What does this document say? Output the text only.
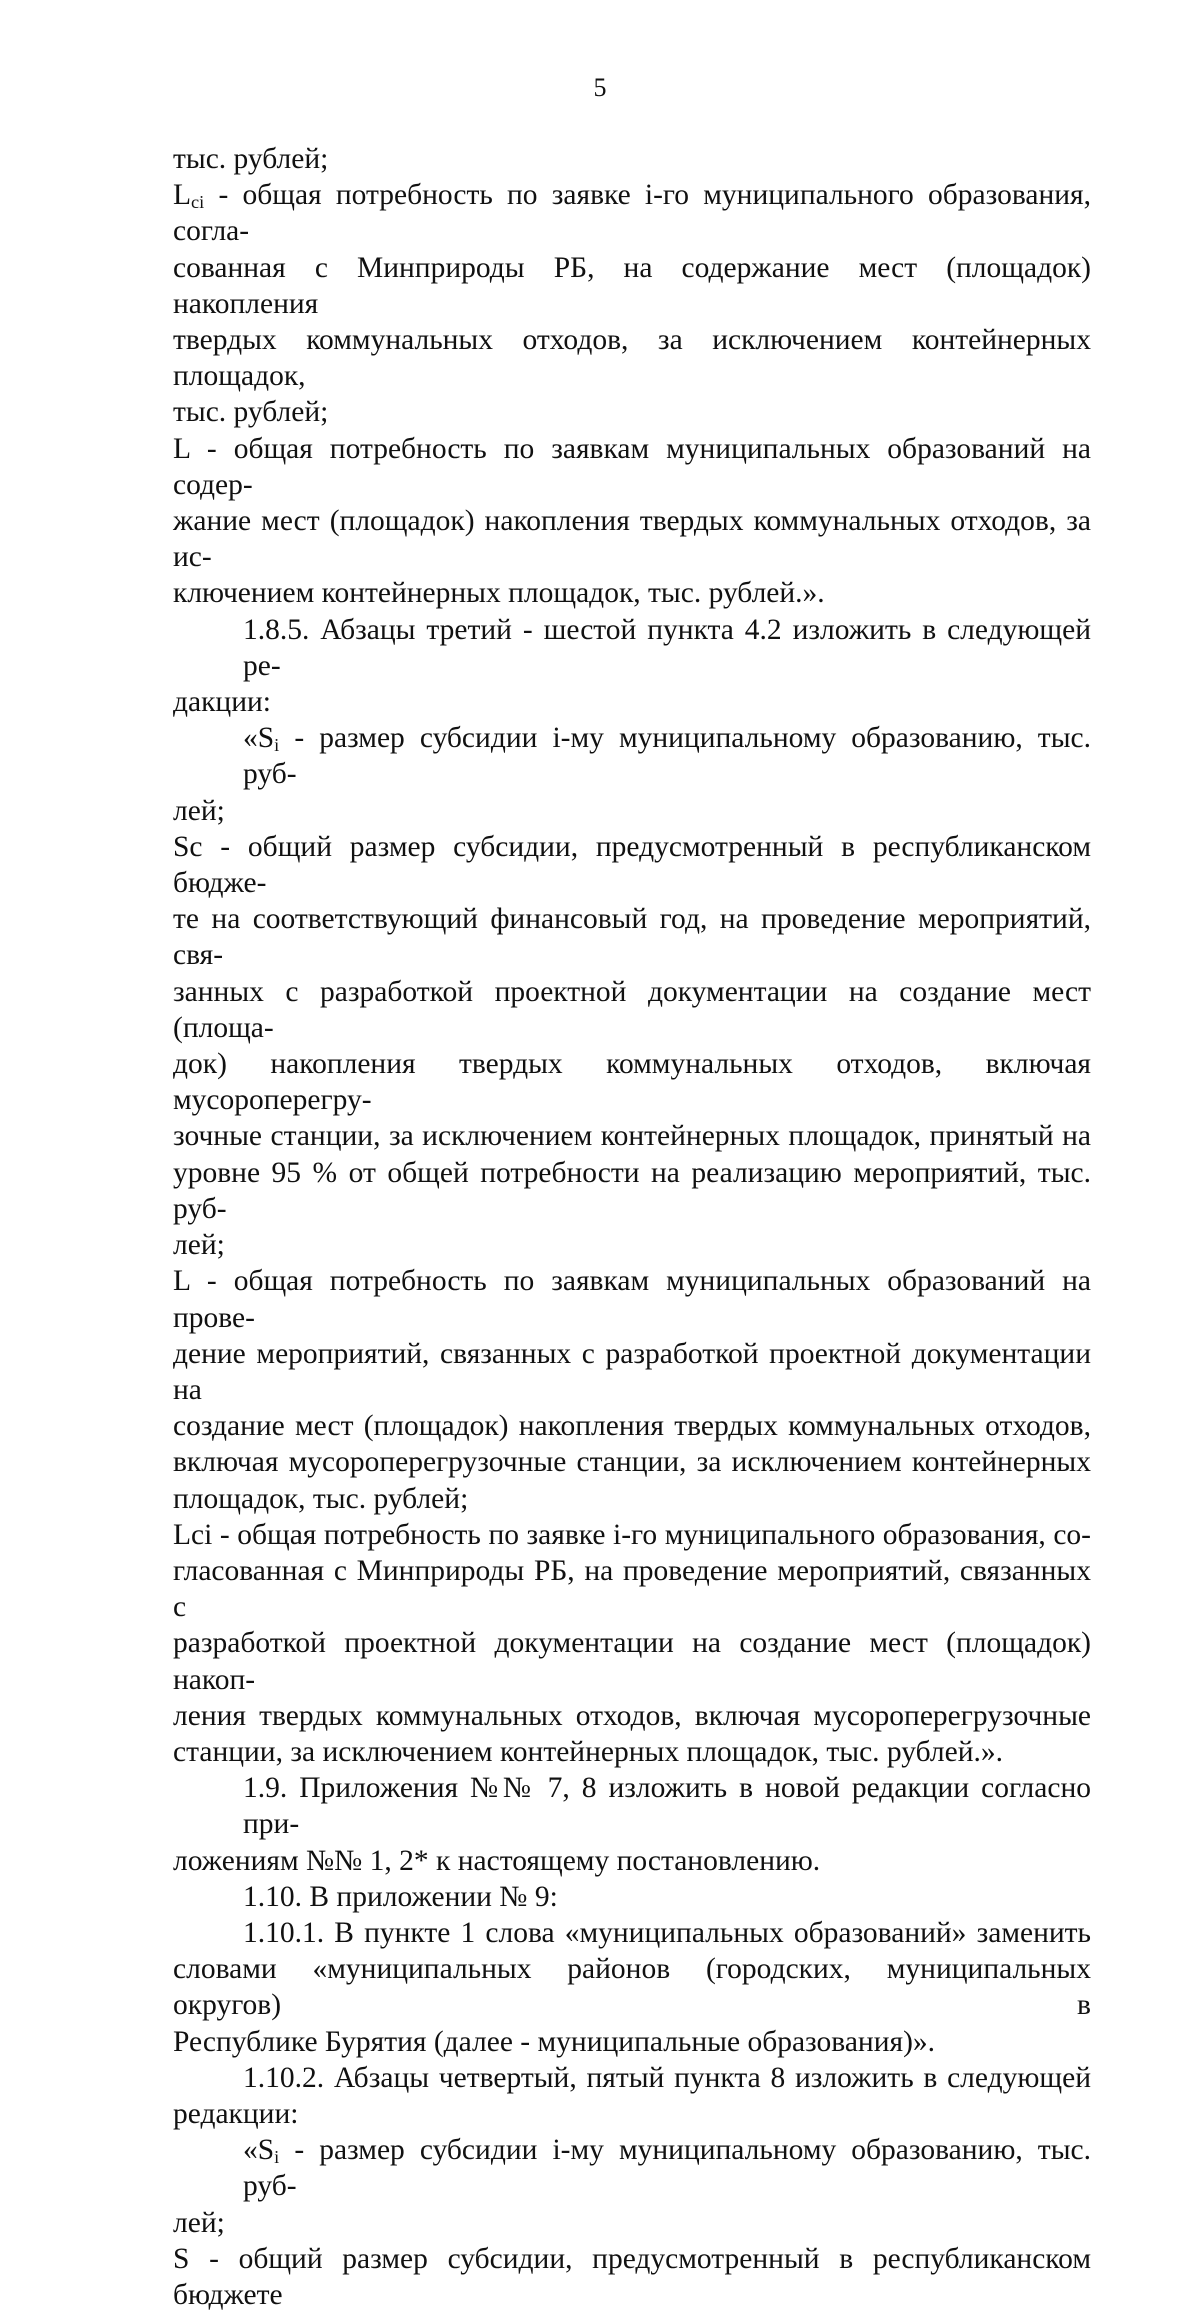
5
тыс. рублей;
$L_{ci}$ - общая потребность по заявке i-го муниципального образования, согла-
сованная с Минприроды РБ, на содержание мест (площадок) накопления
твердых коммунальных отходов, за исключением контейнерных площадок,
тыс. рублей;
L - общая потребность по заявкам муниципальных образований на содер-
жание мест (площадок) накопления твердых коммунальных отходов, за ис-
ключением контейнерных площадок, тыс. рублей.».
1.8.5. Абзацы третий - шестой пункта 4.2 изложить в следующей ре-
дакции:
«$S_i$ - размер субсидии i-му муниципальному образованию, тыс. руб-
лей;
Sc - общий размер субсидии, предусмотренный в республиканском бюдже-
те на соответствующий финансовый год, на проведение мероприятий, свя-
занных с разработкой проектной документации на создание мест (площа-
док) накопления твердых коммунальных отходов, включая мусороперегру-
зочные станции, за исключением контейнерных площадок, принятый на
уровне 95 % от общей потребности на реализацию мероприятий, тыс. руб-
лей;
L - общая потребность по заявкам муниципальных образований на прове-
дение мероприятий, связанных с разработкой проектной документации на
создание мест (площадок) накопления твердых коммунальных отходов,
включая мусороперегрузочные станции, за исключением контейнерных
площадок, тыс. рублей;
Lci - общая потребность по заявке i-го муниципального образования, со-
гласованная с Минприроды РБ, на проведение мероприятий, связанных с
разработкой проектной документации на создание мест (площадок) накоп-
ления твердых коммунальных отходов, включая мусороперегрузочные
станции, за исключением контейнерных площадок, тыс. рублей.».
1.9. Приложения №№ 7, 8 изложить в новой редакции согласно при-
ложениям №№ 1, 2* к настоящему постановлению.
1.10. В приложении № 9:
1.10.1. В пункте 1 слова «муниципальных образований» заменить
словами «муниципальных районов (городских, муниципальных округов) в
Республике Бурятия (далее - муниципальные образования)».
1.10.2. Абзацы четвертый, пятый пункта 8 изложить в следующей
редакции:
«$S_i$ - размер субсидии i-му муниципальному образованию, тыс. руб-
лей;
S - общий размер субсидии, предусмотренный в республиканском бюджете
